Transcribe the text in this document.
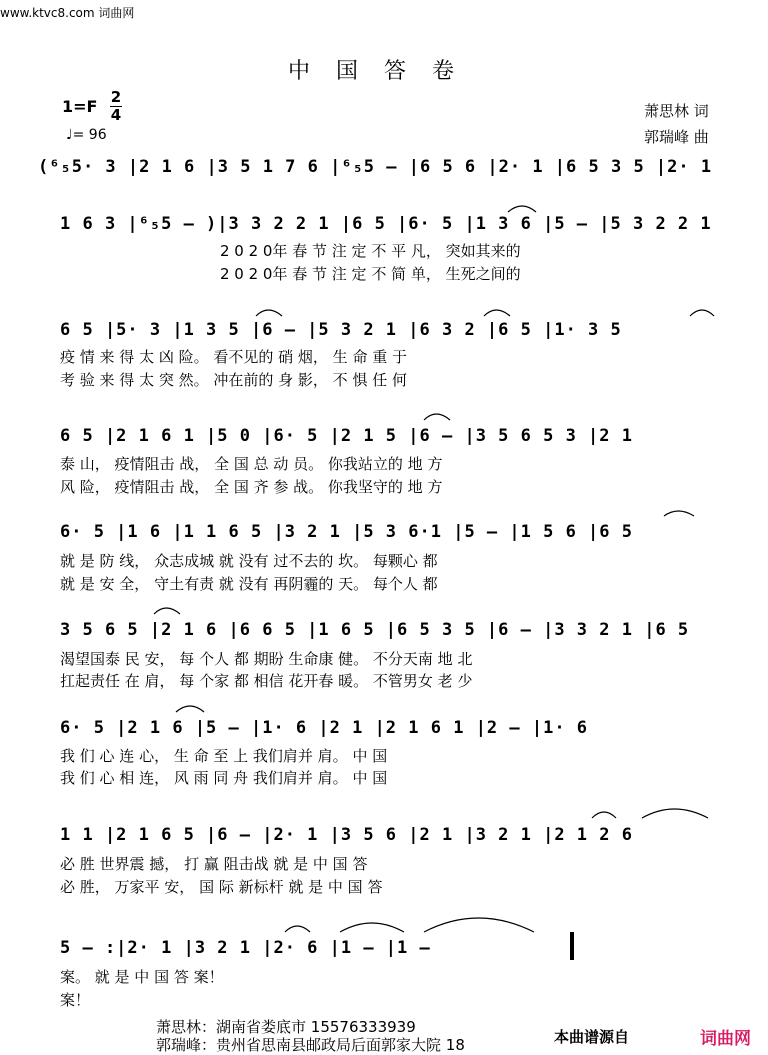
www.ktvc8.com 词曲网
中国答卷
1=F 2
4
♩= 96
萧思林 词
郭瑞峰 曲
(⁶₅5· 3 |2 1 6 |3 5 1 7 6 |⁶₅5 – |6 5 6 |2· 1 |6 5 3 5 |2· 1
1 6 3 |⁶₅5 – )|3 3 2 2 1 |6 5 |6· 5 |1 3 6 |5 – |5 3 2 2 1
2 0 2 0年 春 节 注 定 不 平 凡， 突如其来的
2 0 2 0年 春 节 注 定 不 简 单， 生死之间的
6 5 |5· 3 |1 3 5 |6 – |5 3 2 1 |6 3 2 |6 5 |1· 3 5
疫 情 来 得 太 凶 险。 看不见的 硝 烟， 生 命 重 于
考 验 来 得 太 突 然。 冲在前的 身 影， 不 惧 任 何
6 5 |2 1 6 1 |5 0 |6· 5 |2 1 5 |6 – |3 5 6 5 3 |2 1
泰 山， 疫情阻击 战， 全 国 总 动 员。 你我站立的 地 方
风 险， 疫情阻击 战， 全 国 齐 参 战。 你我坚守的 地 方
6· 5 |1 6 |1 1 6 5 |3 2 1 |5 3 6·1 |5 – |1 5 6 |6 5
就 是 防 线， 众志成城 就 没有 过不去的 坎。 每颗心 都
就 是 安 全， 守土有责 就 没有 再阴霾的 天。 每个人 都
3 5 6 5 |2 1 6 |6 6 5 |1 6 5 |6 5 3 5 |6 – |3 3 2 1 |6 5
渴望国泰 民 安， 每 个人 都 期盼 生命康 健。 不分天南 地 北
扛起责任 在 肩， 每 个家 都 相信 花开春 暖。 不管男女 老 少
6· 5 |2 1 6 |5 – |1· 6 |2 1 |2 1 6 1 |2 – |1· 6
我 们 心 连 心， 生 命 至 上 我们肩并 肩。 中 国
我 们 心 相 连， 风 雨 同 舟 我们肩并 肩。 中 国
1 1 |2 1 6 5 |6 – |2· 1 |3 5 6 |2 1 |3 2 1 |2 1 2 6
必 胜 世界震 撼， 打 赢 阻击战 就 是 中 国 答
必 胜， 万家平 安， 国 际 新标杆 就 是 中 国 答
5 – :|2· 1 |3 2 1 |2· 6 |1 – |1 –
案。 就 是 中 国 答 案！
案！
萧思林：湖南省娄底市 15576333939
郭瑞峰：贵州省思南县邮政局后面郭家大院 18	本曲谱源自	词曲网
